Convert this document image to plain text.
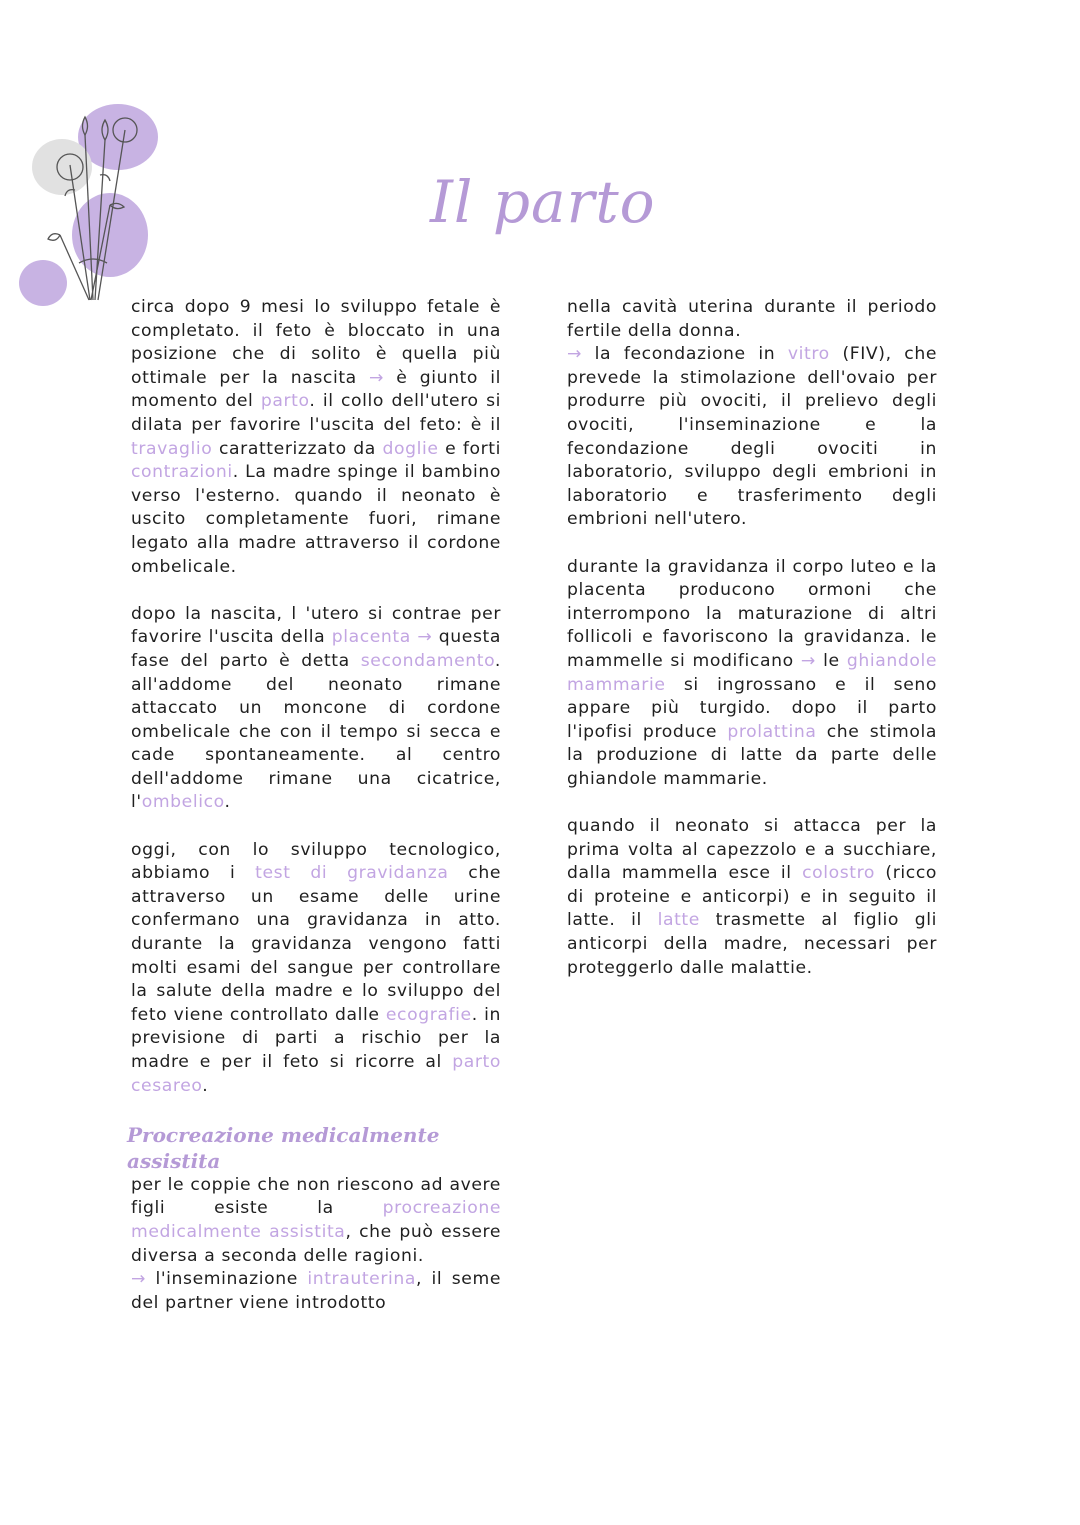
Il parto

circa dopo 9 mesi lo sviluppo fetale è completato. il feto è bloccato in una posizione che di solito è quella più ottimale per la nascita → è giunto il momento del parto. il collo dell'utero si dilata per favorire l'uscita del feto: è il travaglio caratterizzato da doglie e forti contrazioni. La madre spinge il bambino verso l'esterno. quando il neonato è uscito completamente fuori, rimane legato alla madre attraverso il cordone ombelicale.

dopo la nascita, l 'utero si contrae per favorire l'uscita della placenta → questa fase del parto è detta secondamento. all'addome del neonato rimane attaccato un moncone di cordone ombelicale che con il tempo si secca e cade spontaneamente. al centro dell'addome rimane una cicatrice, l'ombelico.

oggi, con lo sviluppo tecnologico, abbiamo i test di gravidanza che attraverso un esame delle urine confermano una gravidanza in atto. durante la gravidanza vengono fatti molti esami del sangue per controllare la salute della madre e lo sviluppo del feto viene controllato dalle ecografie. in previsione di parti a rischio per la madre e per il feto si ricorre al parto cesareo.

Procreazione medicalmente assistita

per le coppie che non riescono ad avere figli esiste la procreazione medicalmente assistita, che può essere diversa a seconda delle ragioni.

→ l'inseminazione intrauterina, il seme del partner viene introdotto

nella cavità uterina durante il periodo fertile della donna.

→ la fecondazione in vitro (FIV), che prevede la stimolazione dell'ovaio per produrre più ovociti, il prelievo degli ovociti, l'inseminazione e la fecondazione degli ovociti in laboratorio, sviluppo degli embrioni in laboratorio e trasferimento degli embrioni nell'utero.

durante la gravidanza il corpo luteo e la placenta producono ormoni che interrompono la maturazione di altri follicoli e favoriscono la gravidanza. le mammelle si modificano → le ghiandole mammarie si ingrossano e il seno appare più turgido. dopo il parto l'ipofisi produce prolattina che stimola la produzione di latte da parte delle ghiandole mammarie.

quando il neonato si attacca per la prima volta al capezzolo e a succhiare, dalla mammella esce il colostro (ricco di proteine e anticorpi) e in seguito il latte. il latte trasmette al figlio gli anticorpi della madre, necessari per proteggerlo dalle malattie.
